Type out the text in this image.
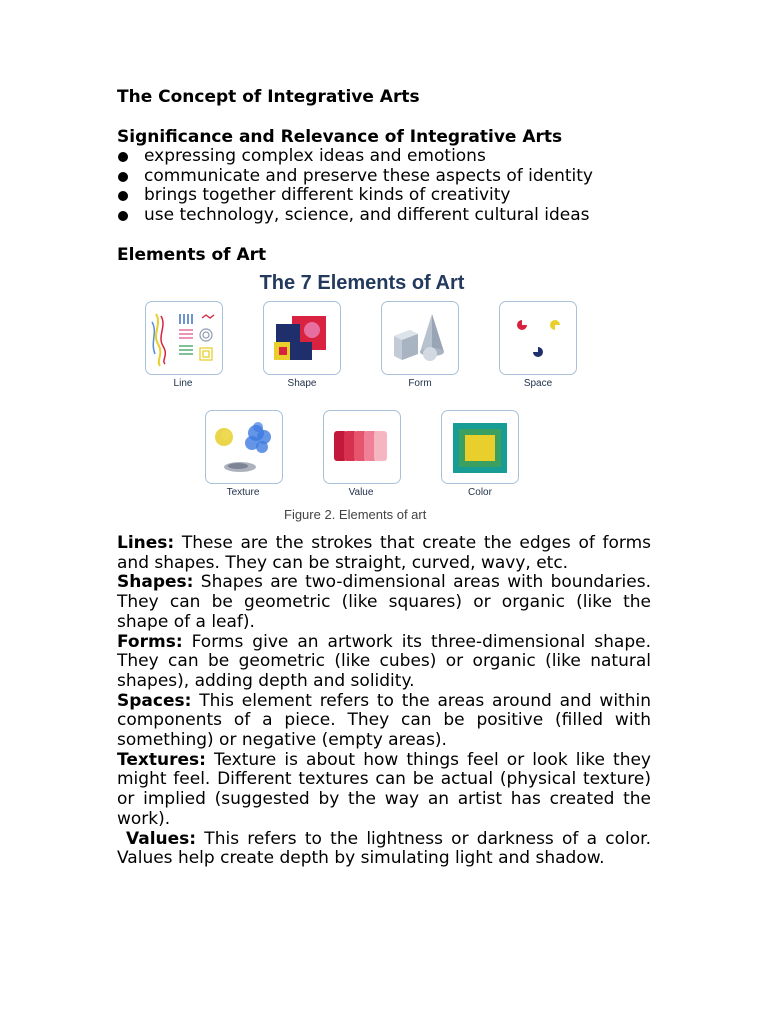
The Concept of Integrative Arts

Significance and Relevance of Integrative Arts

expressing complex ideas and emotions
communicate and preserve these aspects of identity
brings together different kinds of creativity
use technology, science, and different cultural ideas

Elements of Art

The 7 Elements of Art
Line	Shape	Form	Space
Texture	Value	Color
Figure 2. Elements of art

Lines: These are the strokes that create the edges of forms and shapes. They can be straight, curved, wavy, etc.

Shapes: Shapes are two-dimensional areas with boundaries. They can be geometric (like squares) or organic (like the shape of a leaf).

Forms: Forms give an artwork its three-dimensional shape. They can be geometric (like cubes) or organic (like natural shapes), adding depth and solidity.

Spaces: This element refers to the areas around and within components of a piece. They can be positive (filled with something) or negative (empty areas).

Textures: Texture is about how things feel or look like they might feel. Different textures can be actual (physical texture) or implied (suggested by the way an artist has created the work).

Values: This refers to the lightness or darkness of a color. Values help create depth by simulating light and shadow.
